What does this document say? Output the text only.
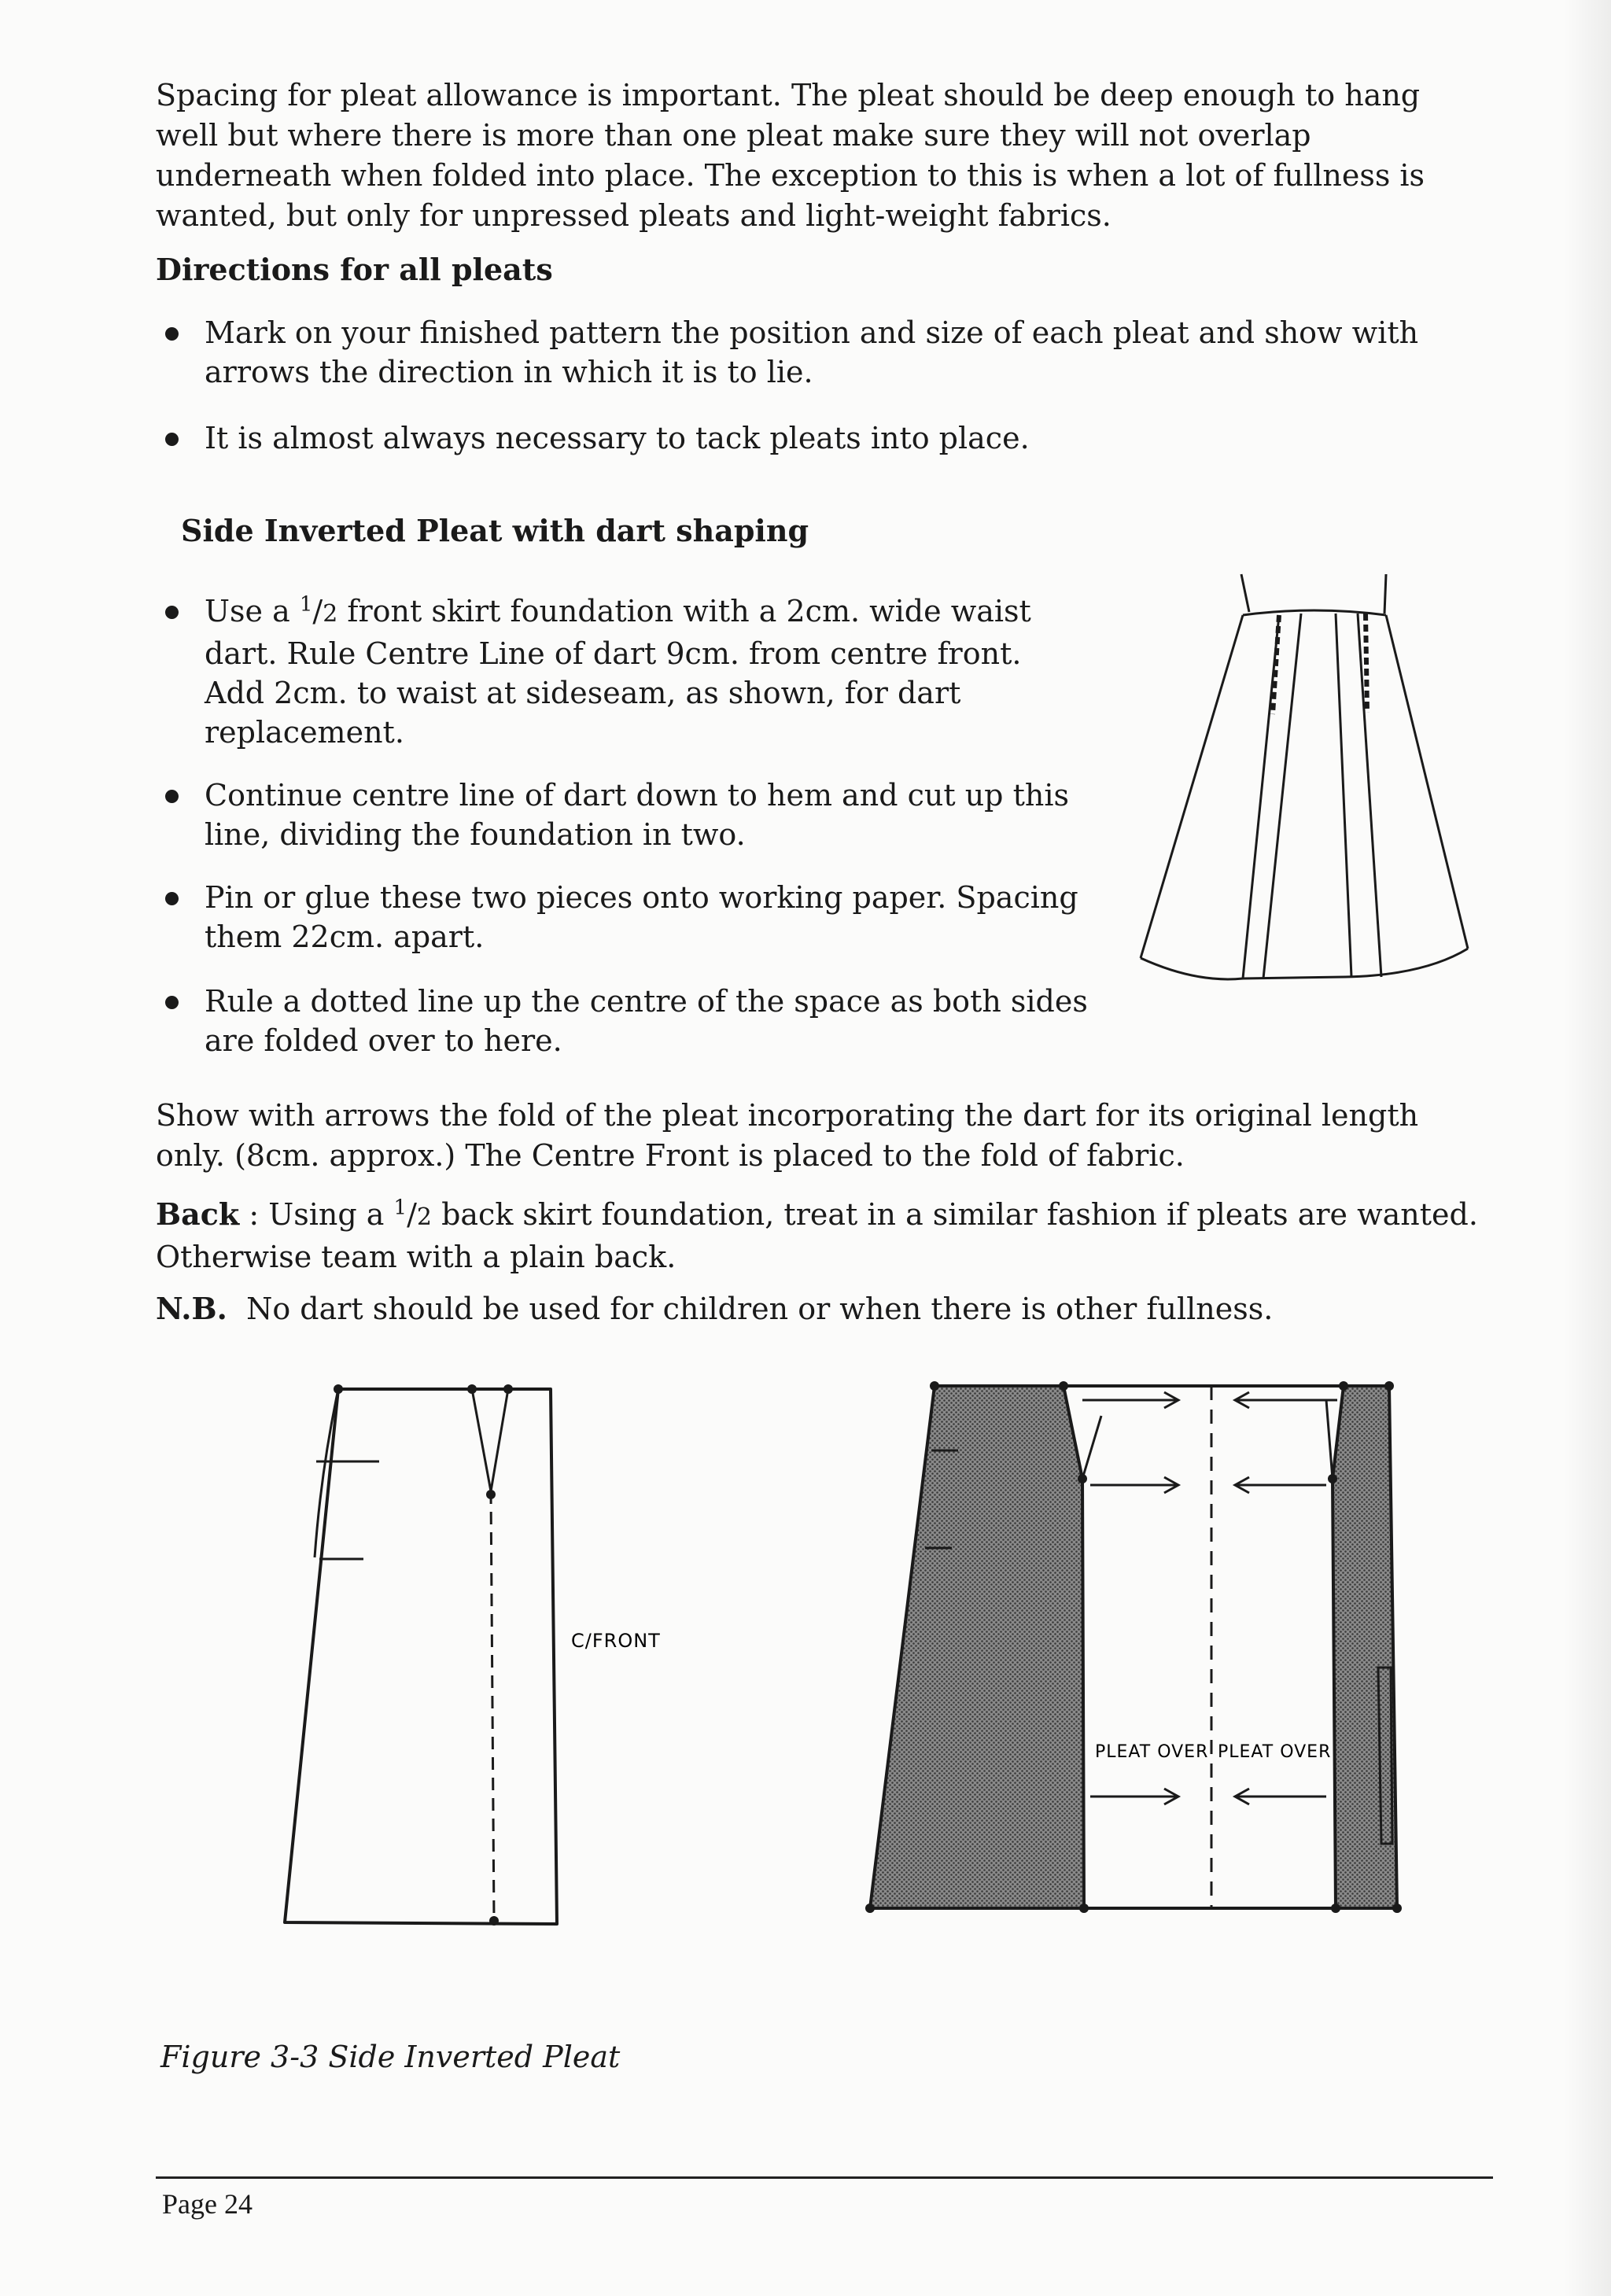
Spacing for pleat allowance is important. The pleat should be deep enough to hang well but where there is more than one pleat make sure they will not overlap underneath when folded into place. The exception to this is when a lot of fullness is wanted, but only for unpressed pleats and light-weight fabrics.

Directions for all pleats

Mark on your finished pattern the position and size of each pleat and show with arrows the direction in which it is to lie.

It is almost always necessary to tack pleats into place.

Side Inverted Pleat with dart shaping

Use a $^1$/2 front skirt foundation with a 2cm. wide waist dart. Rule Centre Line of dart 9cm. from centre front.
Add 2cm. to waist at sideseam, as shown, for dart replacement.

Continue centre line of dart down to hem and cut up this line, dividing the foundation in two.

Pin or glue these two pieces onto working paper. Spacing them 22cm. apart.

Rule a dotted line up the centre of the space as both sides are folded over to here.

Show with arrows the fold of the pleat incorporating the dart for its original length only. (8cm. approx.) The Centre Front is placed to the fold of fabric.

Back : Using a $^1$/2 back skirt foundation, treat in a similar fashion if pleats are wanted. Otherwise team with a plain back.

N.B. No dart should be used for children or when there is other fullness.

C/FRONT
PLEAT OVER PLEAT OVER

Figure 3-3 Side Inverted Pleat

Page 24
